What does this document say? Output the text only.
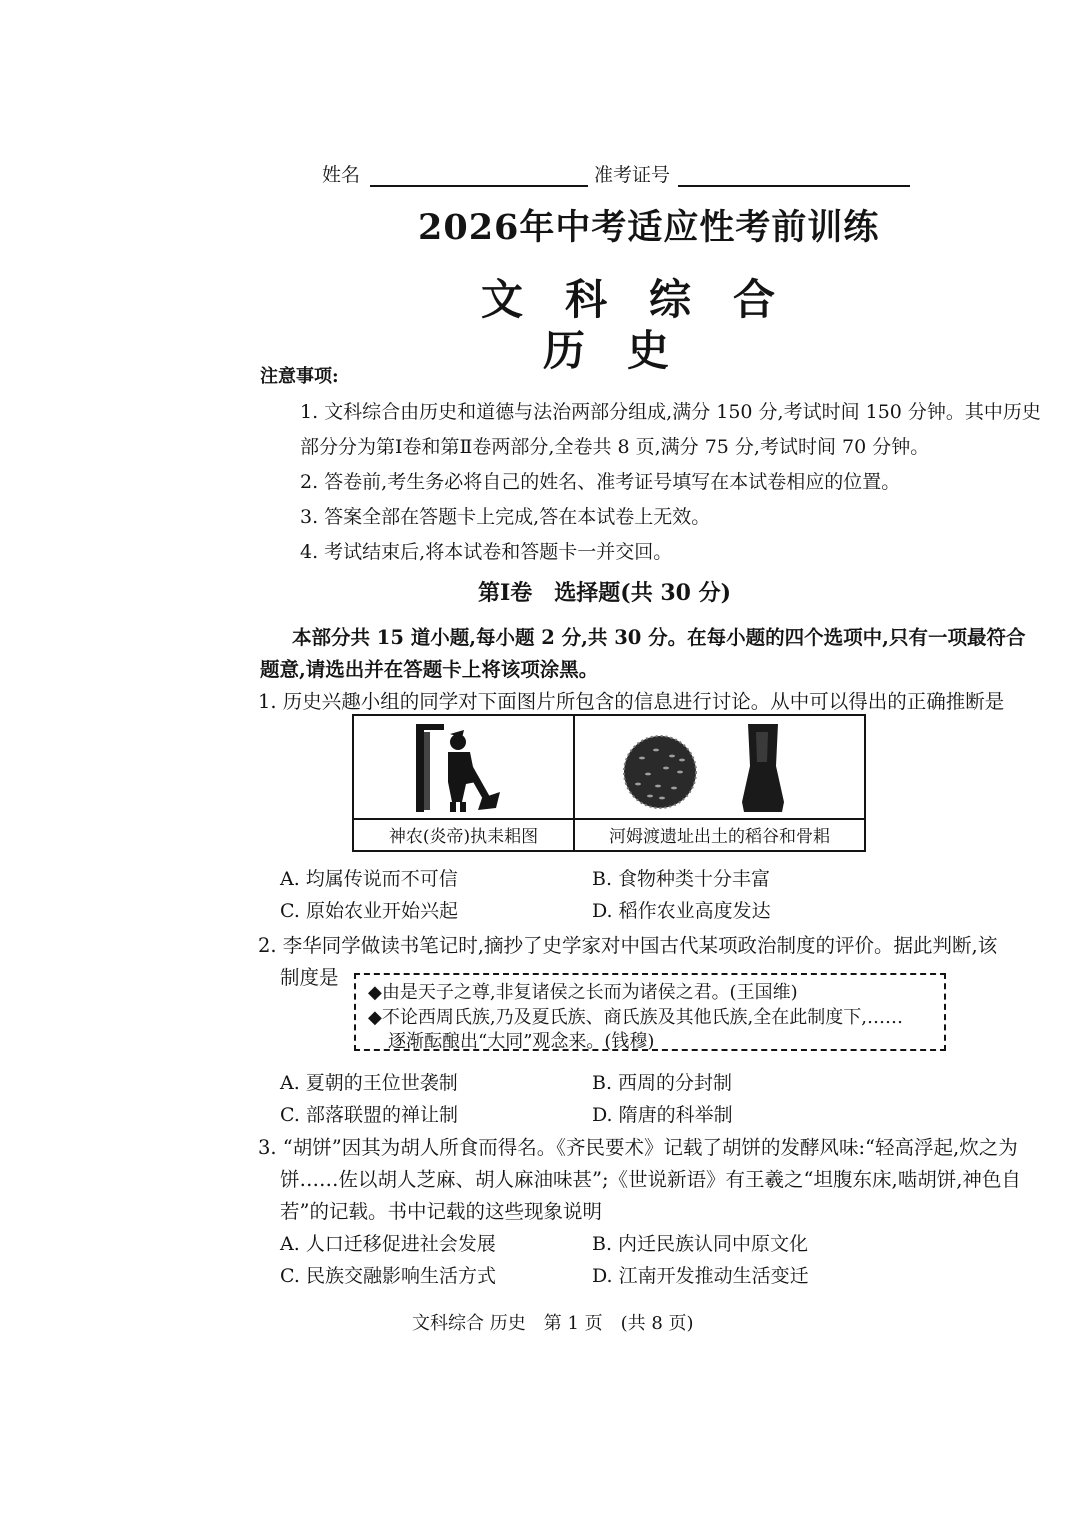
姓名	准考证号
2026年中考适应性考前训练
文　科　综　合
历　史
注意事项:
1. 文科综合由历史和道德与法治两部分组成,满分 150 分,考试时间 150 分钟。其中历史
部分分为第Ⅰ卷和第Ⅱ卷两部分,全卷共 8 页,满分 75 分,考试时间 70 分钟。
2. 答卷前,考生务必将自己的姓名、准考证号填写在本试卷相应的位置。
3. 答案全部在答题卡上完成,答在本试卷上无效。
4. 考试结束后,将本试卷和答题卡一并交回。
第Ⅰ卷　选择题(共 30 分)
本部分共 15 道小题,每小题 2 分,共 30 分。在每小题的四个选项中,只有一项最符合
题意,请选出并在答题卡上将该项涂黑。
1. 历史兴趣小组的同学对下面图片所包含的信息进行讨论。从中可以得出的正确推断是
神农(炎帝)执耒耜图	河姆渡遗址出土的稻谷和骨耜
A. 均属传说而不可信	B. 食物种类十分丰富
C. 原始农业开始兴起	D. 稻作农业高度发达
2. 李华同学做读书笔记时,摘抄了史学家对中国古代某项政治制度的评价。据此判断,该
制度是
◆由是天子之尊,非复诸侯之长而为诸侯之君。(王国维)
◆不论西周氏族,乃及夏氏族、商氏族及其他氏族,全在此制度下,……
逐渐酝酿出“大同”观念来。(钱穆)
A. 夏朝的王位世袭制	B. 西周的分封制
C. 部落联盟的禅让制	D. 隋唐的科举制
3. “胡饼”因其为胡人所食而得名。《齐民要术》记载了胡饼的发酵风味:“轻高浮起,炊之为
饼……佐以胡人芝麻、胡人麻油味甚”;《世说新语》有王羲之“坦腹东床,啮胡饼,神色自
若”的记载。书中记载的这些现象说明
A. 人口迁移促进社会发展	B. 内迁民族认同中原文化
C. 民族交融影响生活方式	D. 江南开发推动生活变迁
文科综合 历史　第 1 页　(共 8 页)
